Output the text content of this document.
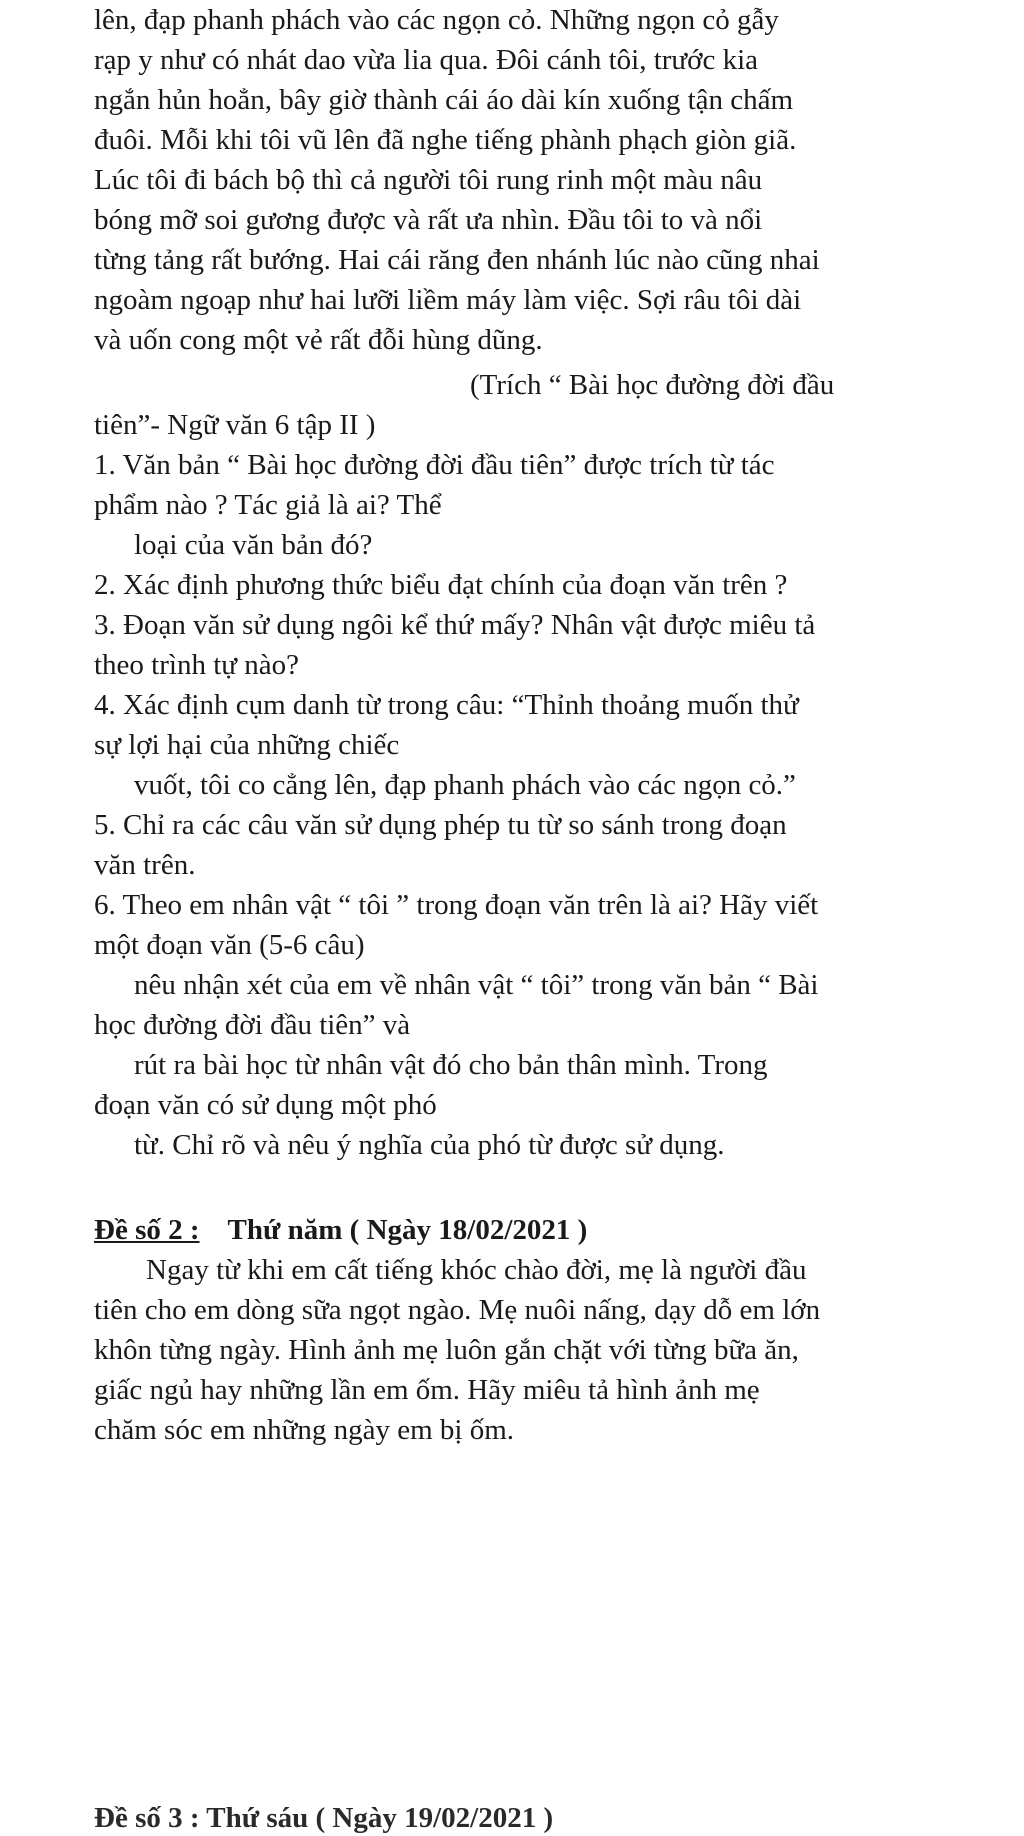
lên, đạp phanh phách vào các ngọn cỏ. Những ngọn cỏ gẫy
rạp y như có nhát dao vừa lia qua. Đôi cánh tôi, trước kia
ngắn hủn hoẳn, bây giờ thành cái áo dài kín xuống tận chấm
đuôi. Mỗi khi tôi vũ lên đã nghe tiếng phành phạch giòn giã.
Lúc tôi đi bách bộ thì cả người tôi rung rinh một màu nâu
bóng mỡ soi gương được và rất ưa nhìn. Đầu tôi to và nổi
từng tảng rất bướng. Hai cái răng đen nhánh lúc nào cũng nhai
ngoàm ngoạp như hai lưỡi liềm máy làm việc. Sợi râu tôi dài
và uốn cong một vẻ rất đỗi hùng dũng.
(Trích “ Bài học đường đời đầu
tiên”- Ngữ văn 6 tập II )
1. Văn bản “ Bài học đường đời đầu tiên” được trích từ tác
phẩm nào ? Tác giả là ai? Thể
loại của văn bản đó?
2. Xác định phương thức biểu đạt chính của đoạn văn trên ?
3. Đoạn văn sử dụng ngôi kể thứ mấy? Nhân vật được miêu tả
theo trình tự nào?
4. Xác định cụm danh từ trong câu: “Thỉnh thoảng muốn thử
sự lợi hại của những chiếc
vuốt, tôi co cẳng lên, đạp phanh phách vào các ngọn cỏ.”
5. Chỉ ra các câu văn sử dụng phép tu từ so sánh trong đoạn
văn trên.
6. Theo em nhân vật “ tôi ” trong đoạn văn trên là ai? Hãy viết
một đoạn văn (5-6 câu)
nêu nhận xét của em về nhân vật “ tôi” trong văn bản “ Bài
học đường đời đầu tiên” và
rút ra bài học từ nhân vật đó cho bản thân mình. Trong
đoạn văn có sử dụng một phó
từ. Chỉ rõ và nêu ý nghĩa của phó từ được sử dụng.
Đề số 2 : Thứ năm ( Ngày 18/02/2021 )
Ngay từ khi em cất tiếng khóc chào đời, mẹ là người đầu
tiên cho em dòng sữa ngọt ngào. Mẹ nuôi nấng, dạy dỗ em lớn
khôn từng ngày. Hình ảnh mẹ luôn gắn chặt với từng bữa ăn,
giấc ngủ hay những lần em ốm. Hãy miêu tả hình ảnh mẹ
chăm sóc em những ngày em bị ốm.
Đề số 3 : Thứ sáu ( Ngày 19/02/2021 )
